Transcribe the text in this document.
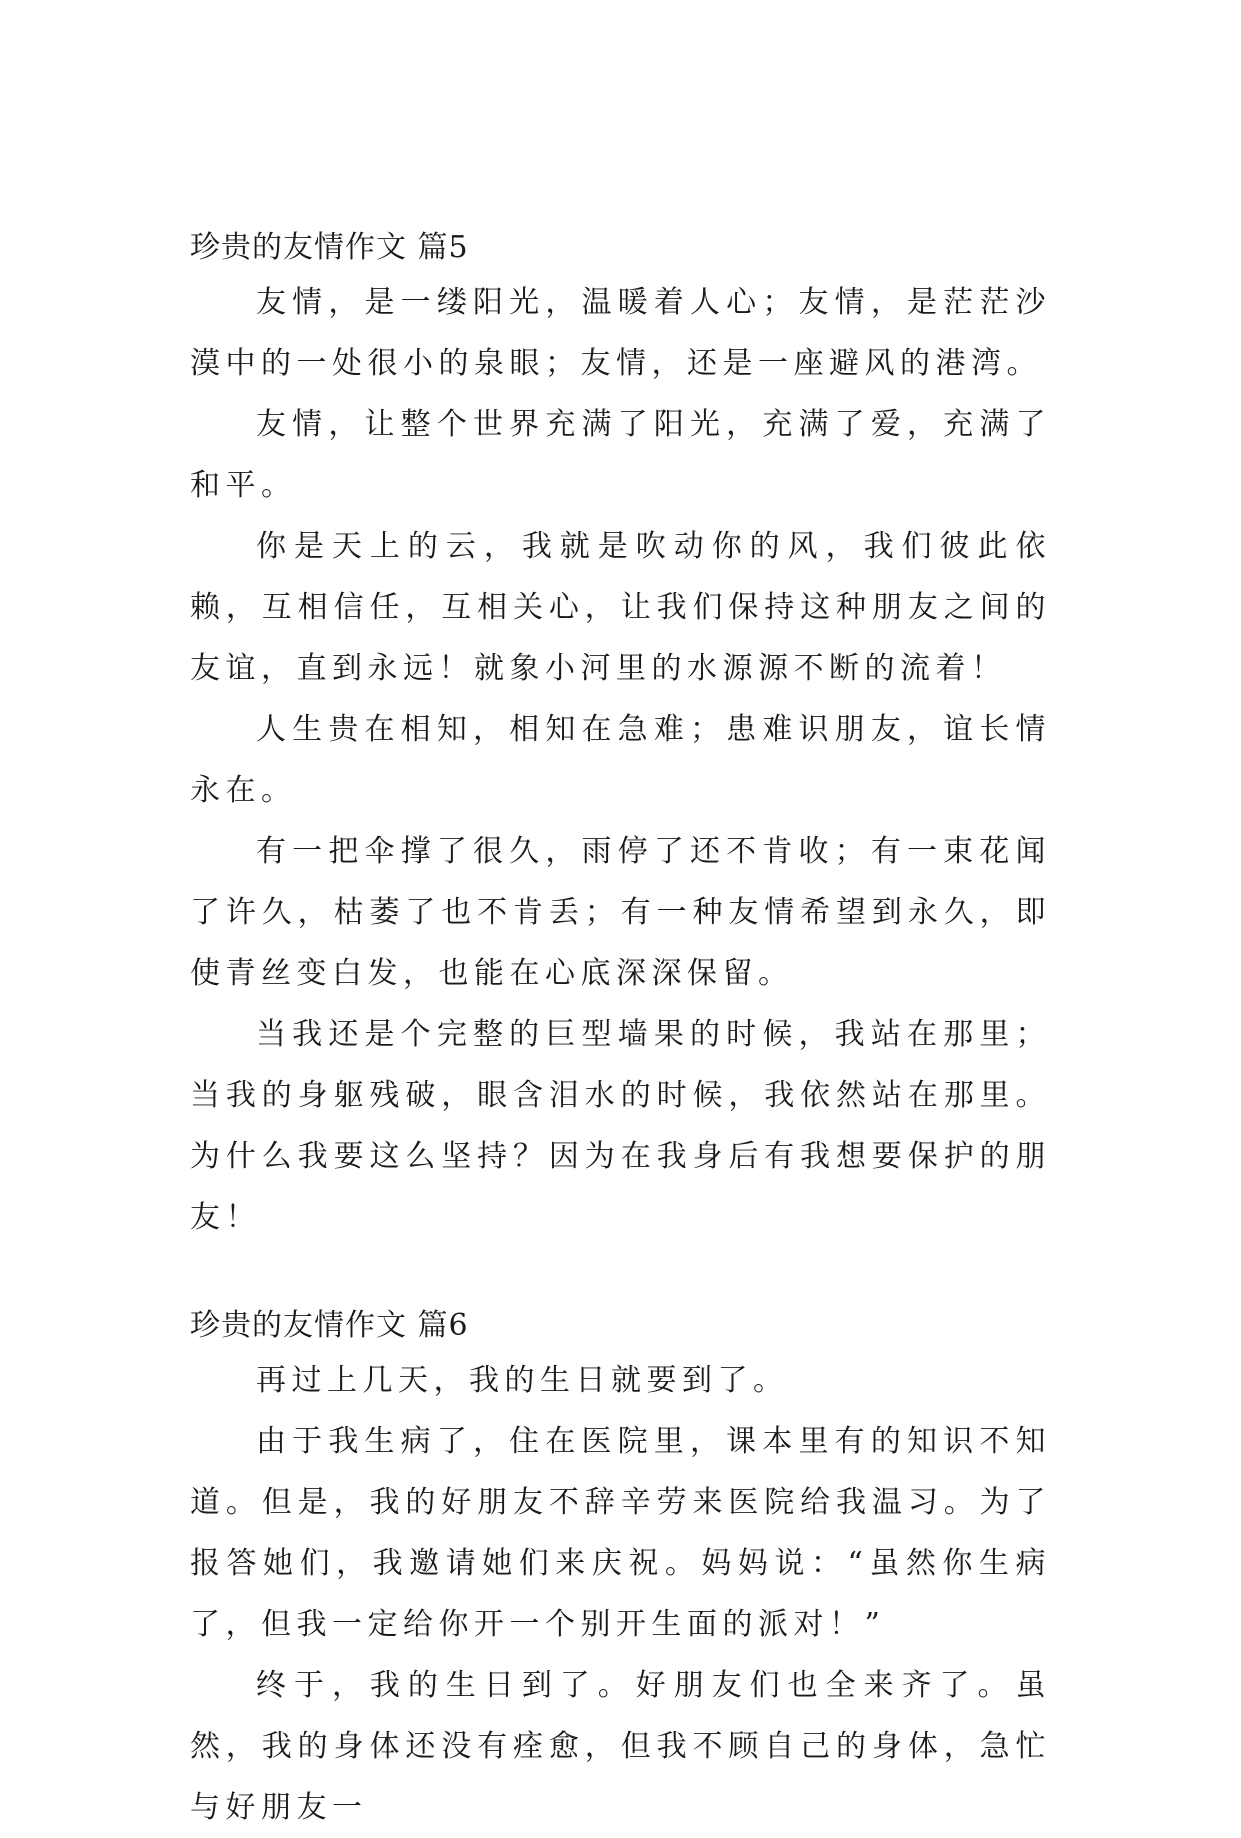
珍贵的友情作文 篇5

友情，是一缕阳光，温暖着人心；友情，是茫茫沙漠中的一处很小的泉眼；友情，还是一座避风的港湾。

友情，让整个世界充满了阳光，充满了爱，充满了和平。

你是天上的云，我就是吹动你的风，我们彼此依赖，互相信任，互相关心，让我们保持这种朋友之间的友谊，直到永远！就象小河里的水源源不断的流着！

人生贵在相知，相知在急难；患难识朋友，谊长情永在。

有一把伞撑了很久，雨停了还不肯收；有一束花闻了许久，枯萎了也不肯丢；有一种友情希望到永久，即使青丝变白发，也能在心底深深保留。

当我还是个完整的巨型墙果的时候，我站在那里；当我的身躯残破，眼含泪水的时候，我依然站在那里。为什么我要这么坚持？因为在我身后有我想要保护的朋友！

珍贵的友情作文 篇6

再过上几天，我的生日就要到了。

由于我生病了，住在医院里，课本里有的知识不知道。但是，我的好朋友不辞辛劳来医院给我温习。为了报答她们，我邀请她们来庆祝。妈妈说：“虽然你生病了，但我一定给你开一个别开生面的派对！”

终于，我的生日到了。好朋友们也全来齐了。虽然，我的身体还没有痊愈，但我不顾自己的身体，急忙与好朋友一
